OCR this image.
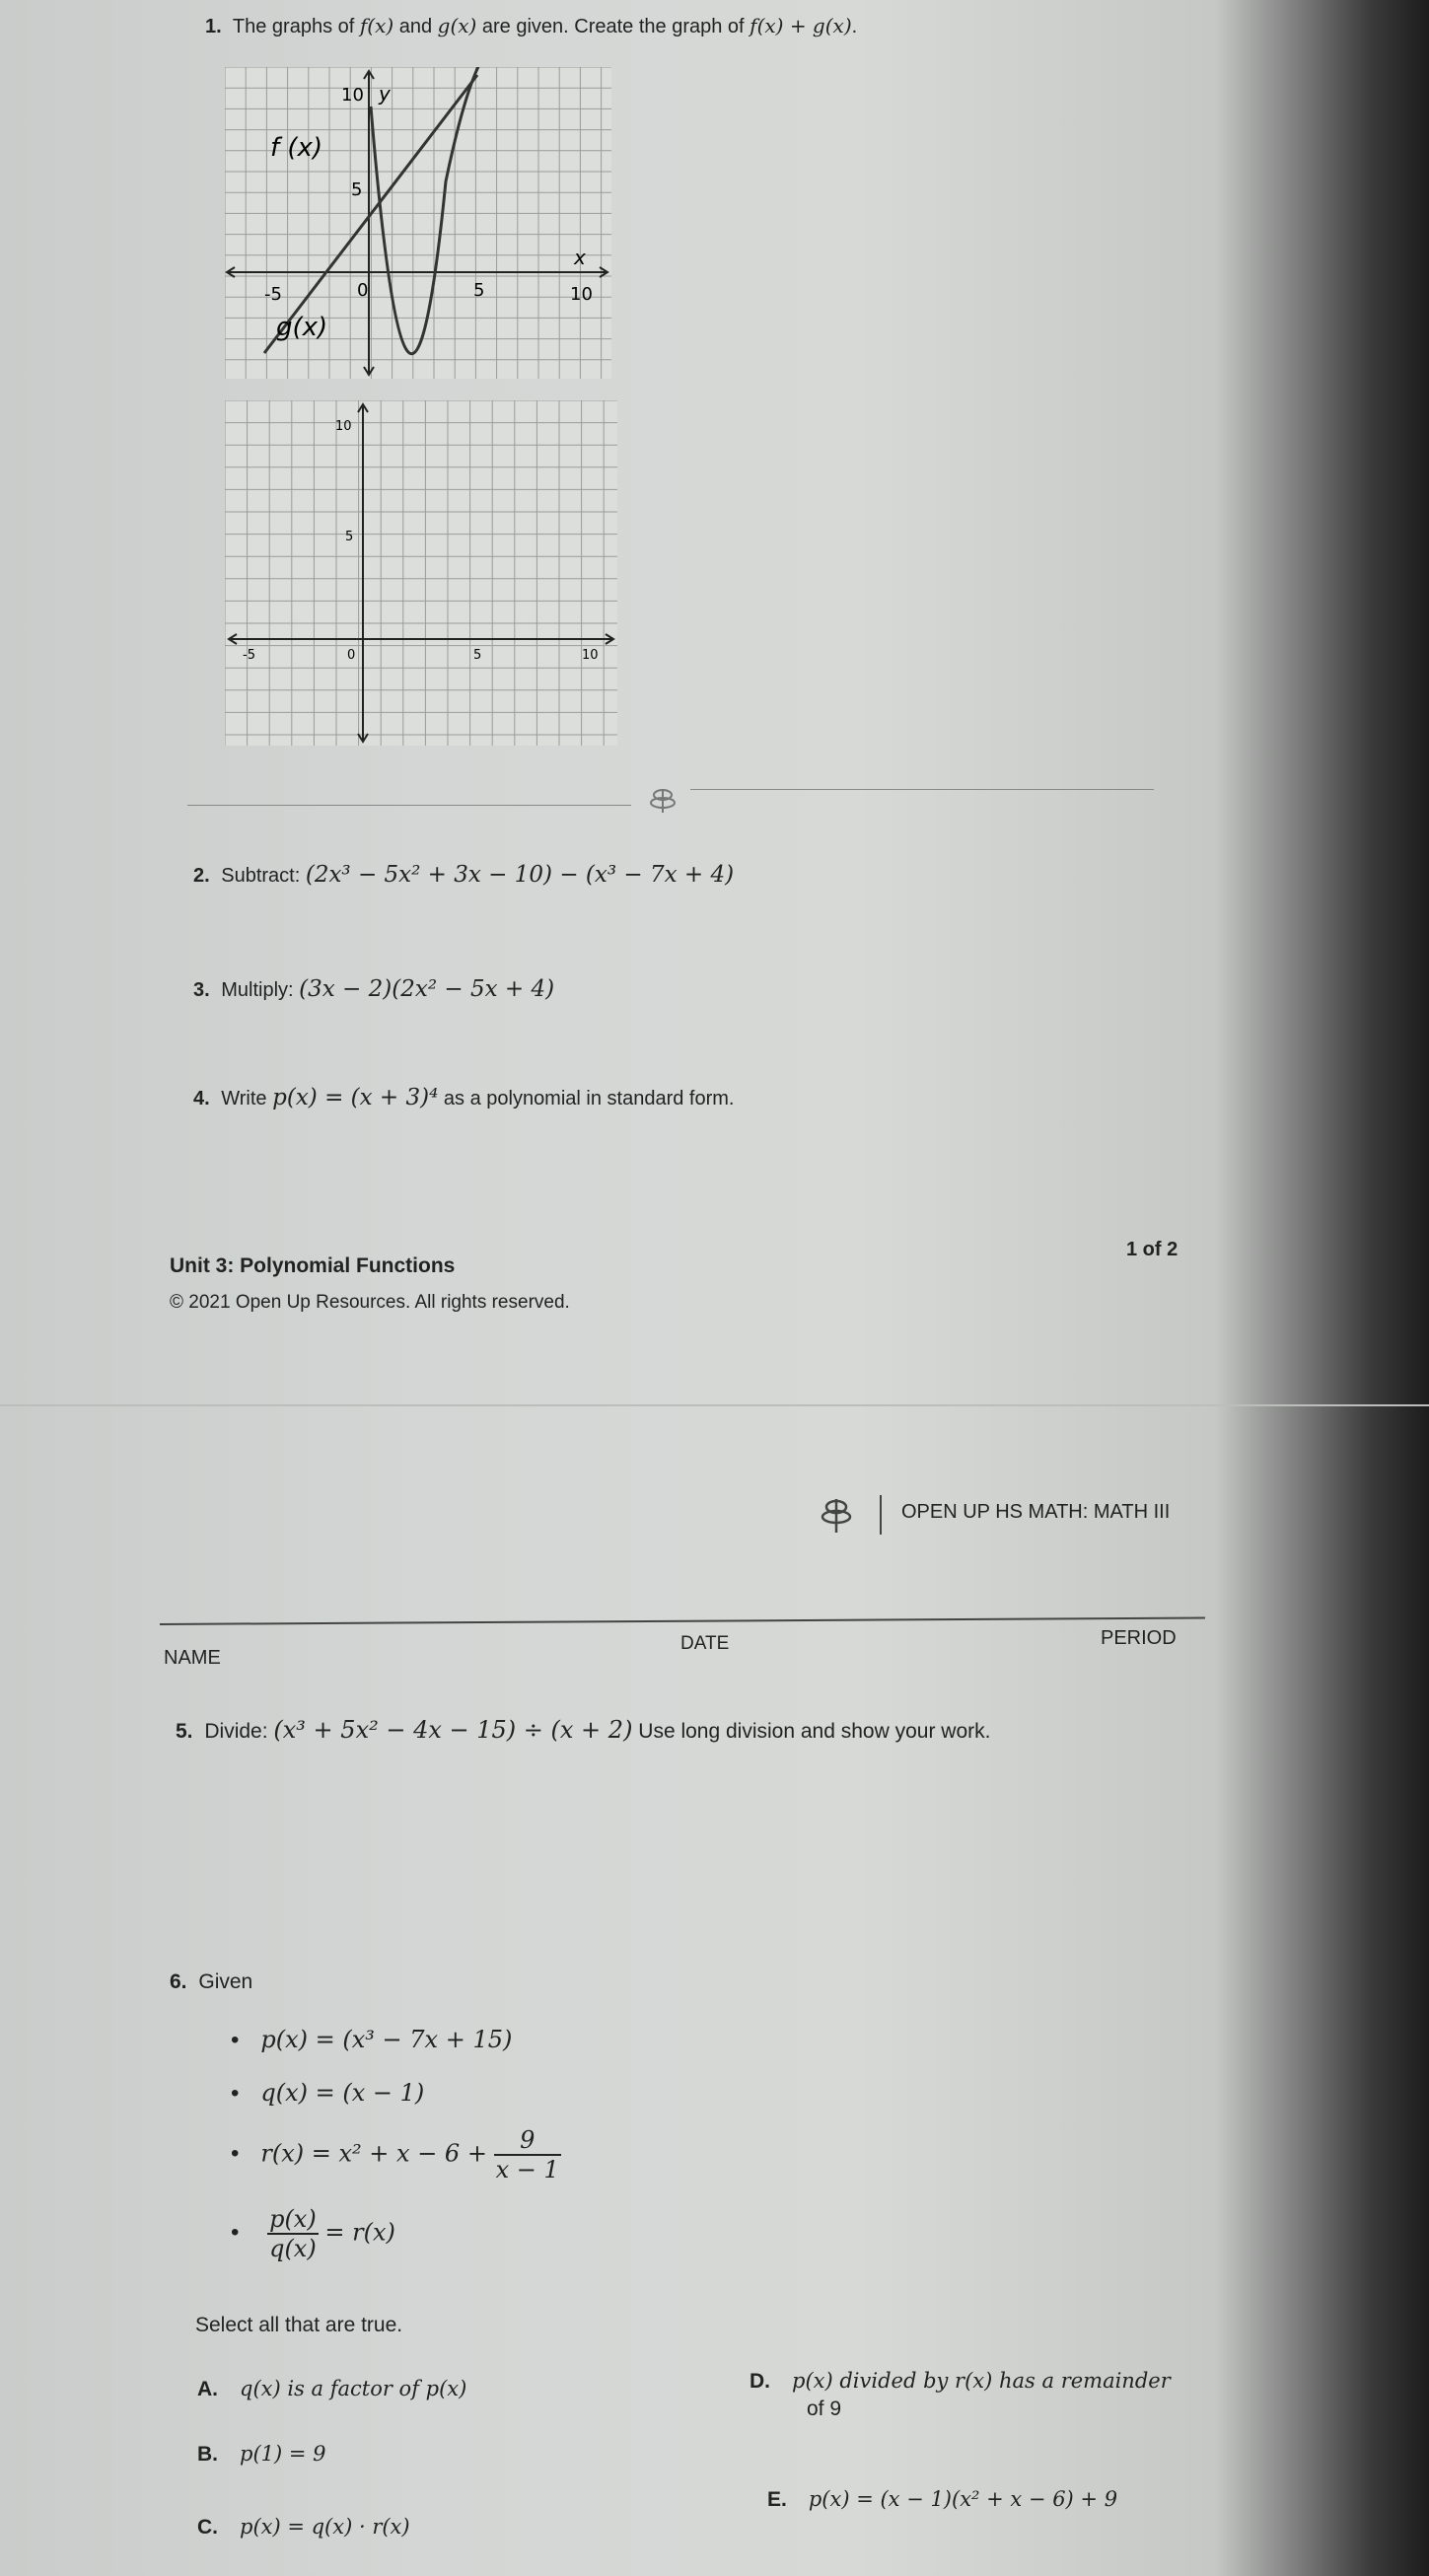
1. The graphs of f(x) and g(x) are given. Create the graph of f(x) + g(x).
f (x)
g(x)
y
x
10
5
-5	0	5	10
10
5
-5	0	5	10
2. Subtract: (2x³ − 5x² + 3x − 10) − (x³ − 7x + 4)
3. Multiply: (3x − 2)(2x² − 5x + 4)
4. Write p(x) = (x + 3)⁴ as a polynomial in standard form.
Unit 3: Polynomial Functions
1 of 2
© 2021 Open Up Resources. All rights reserved.
OPEN UP HS MATH: MATH III
NAME
DATE	PERIOD
5. Divide: (x³ + 5x² − 4x − 15) ÷ (x + 2) Use long division and show your work.
6. Given
• p(x) = (x³ − 7x + 15)
• q(x) = (x − 1)
• $r(x) = x^2 + x - 6 + \frac{9}{x - 1}$
• $\frac{p(x)}{q(x)} = r(x)$
Select all that are true.
A. q(x) is a factor of p(x)
B. p(1) = 9
C. p(x) = q(x) · r(x)
D. p(x) divided by r(x) has a remainder
of 9
E. p(x) = (x − 1)(x² + x − 6) + 9
